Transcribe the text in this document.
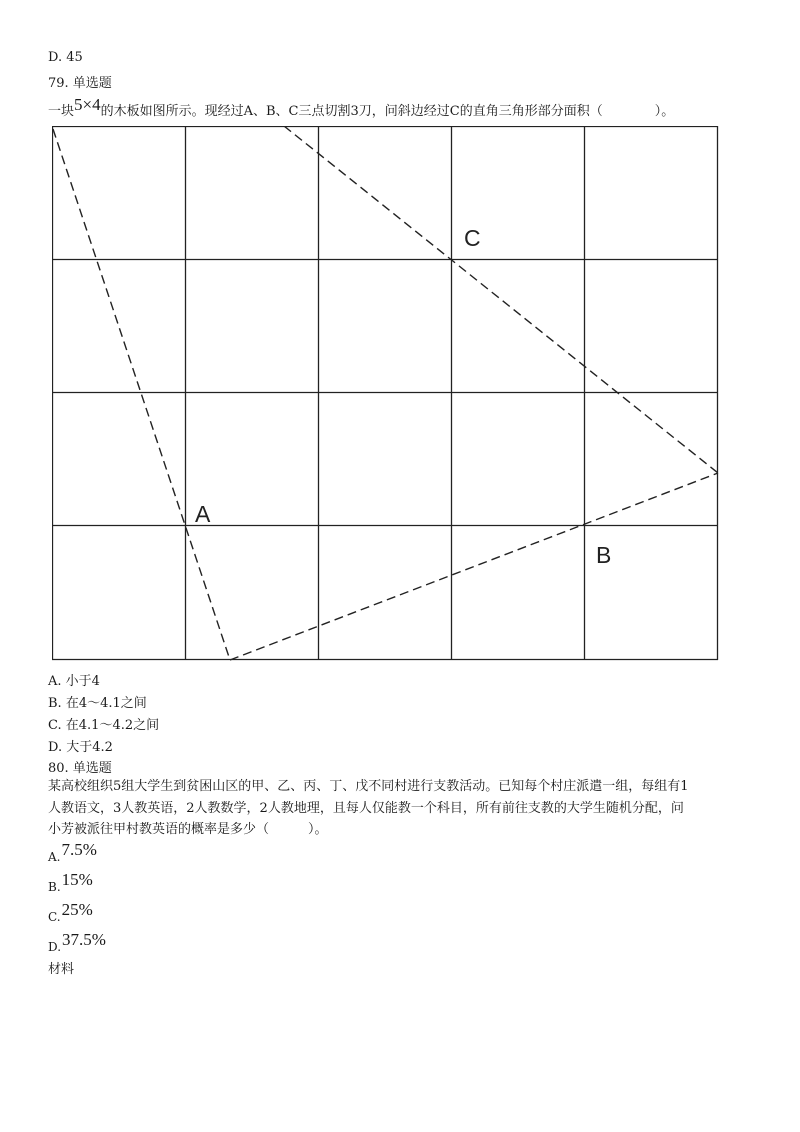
D. 45
79. 单选题
一块5×4的木板如图所示。现经过A、B、C三点切割3刀，问斜边经过C的直角三角形部分面积（　　　　）。
A
B
C
A. 小于4
B. 在4～4.1之间
C. 在4.1～4.2之间
D. 大于4.2
80. 单选题
某高校组织5组大学生到贫困山区的甲、乙、丙、丁、戊不同村进行支教活动。已知每个村庄派遣一组，每组有1
人教语文，3人教英语，2人教数学，2人教地理，且每人仅能教一个科目，所有前往支教的大学生随机分配，问
小芳被派往甲村教英语的概率是多少（　　　）。
A.7.5%
B.15%
C.25%
D.37.5%
材料
